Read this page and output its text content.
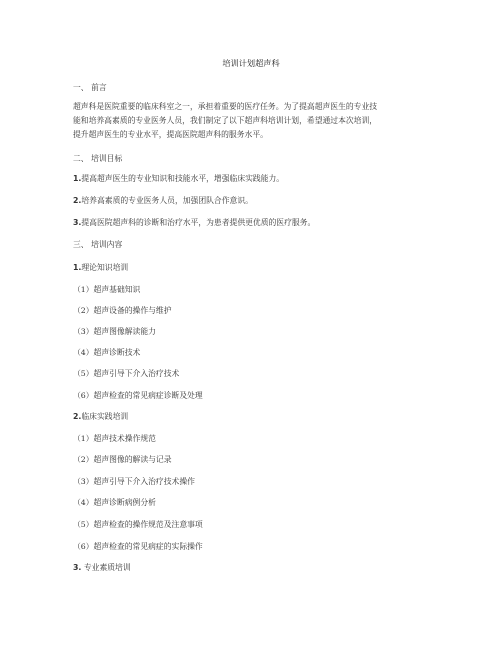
培训计划超声科
一、 前言
超声科是医院重要的临床科室之一，承担着重要的医疗任务。为了提高超声医生的专业技
能和培养高素质的专业医务人员，我们制定了以下超声科培训计划，希望通过本次培训，
提升超声医生的专业水平，提高医院超声科的服务水平。
二、 培训目标
1.提高超声医生的专业知识和技能水平，增强临床实践能力。
2.培养高素质的专业医务人员，加强团队合作意识。
3.提高医院超声科的诊断和治疗水平，为患者提供更优质的医疗服务。
三、 培训内容
1.理论知识培训
（1）超声基础知识
（2）超声设备的操作与维护
（3）超声图像解读能力
（4）超声诊断技术
（5）超声引导下介入治疗技术
（6）超声检查的常见病症诊断及处理
2.临床实践培训
（1）超声技术操作规范
（2）超声图像的解读与记录
（3）超声引导下介入治疗技术操作
（4）超声诊断病例分析
（5）超声检查的操作规范及注意事项
（6）超声检查的常见病症的实际操作
3. 专业素质培训
